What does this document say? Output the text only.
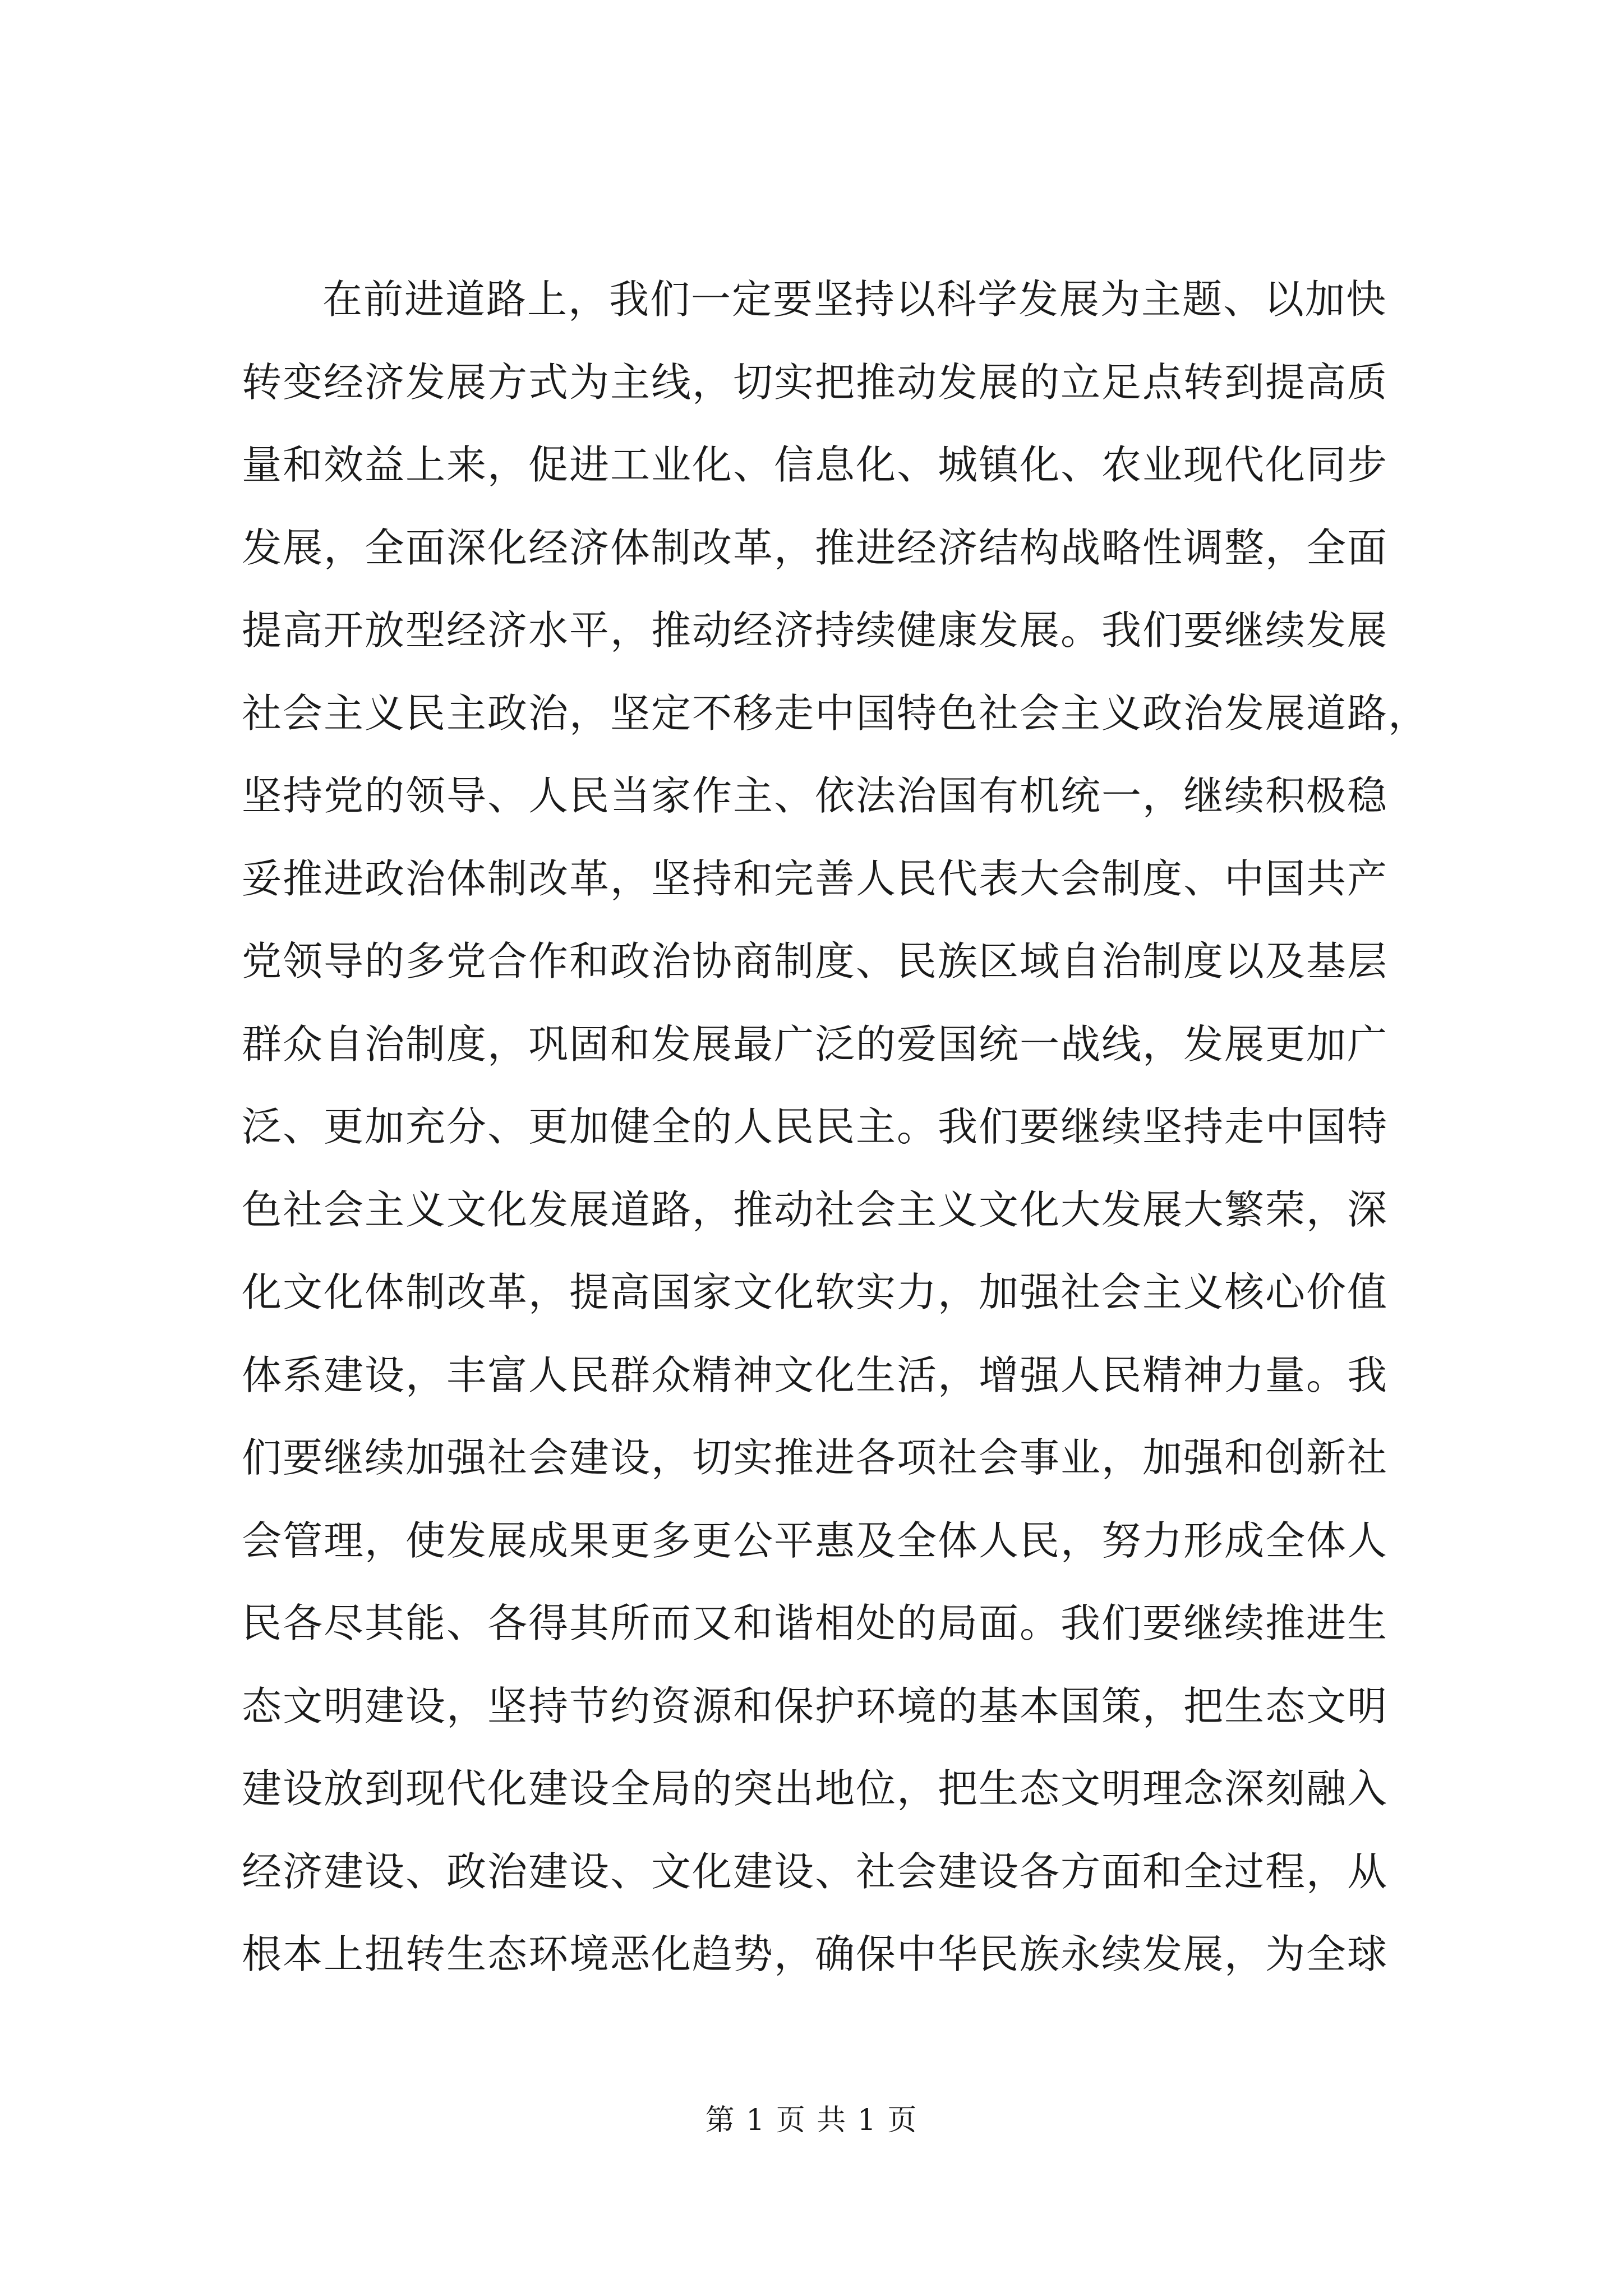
在前进道路上，我们一定要坚持以科学发展为主题、以加快
转变经济发展方式为主线，切实把推动发展的立足点转到提高质
量和效益上来，促进工业化、信息化、城镇化、农业现代化同步
发展，全面深化经济体制改革，推进经济结构战略性调整，全面
提高开放型经济水平，推动经济持续健康发展。我们要继续发展
社会主义民主政治，坚定不移走中国特色社会主义政治发展道路，
坚持党的领导、人民当家作主、依法治国有机统一，继续积极稳
妥推进政治体制改革，坚持和完善人民代表大会制度、中国共产
党领导的多党合作和政治协商制度、民族区域自治制度以及基层
群众自治制度，巩固和发展最广泛的爱国统一战线，发展更加广
泛、更加充分、更加健全的人民民主。我们要继续坚持走中国特
色社会主义文化发展道路，推动社会主义文化大发展大繁荣，深
化文化体制改革，提高国家文化软实力，加强社会主义核心价值
体系建设，丰富人民群众精神文化生活，增强人民精神力量。我
们要继续加强社会建设，切实推进各项社会事业，加强和创新社
会管理，使发展成果更多更公平惠及全体人民，努力形成全体人
民各尽其能、各得其所而又和谐相处的局面。我们要继续推进生
态文明建设，坚持节约资源和保护环境的基本国策，把生态文明
建设放到现代化建设全局的突出地位，把生态文明理念深刻融入
经济建设、政治建设、文化建设、社会建设各方面和全过程，从
根本上扭转生态环境恶化趋势，确保中华民族永续发展，为全球
第 1 页 共 1 页
